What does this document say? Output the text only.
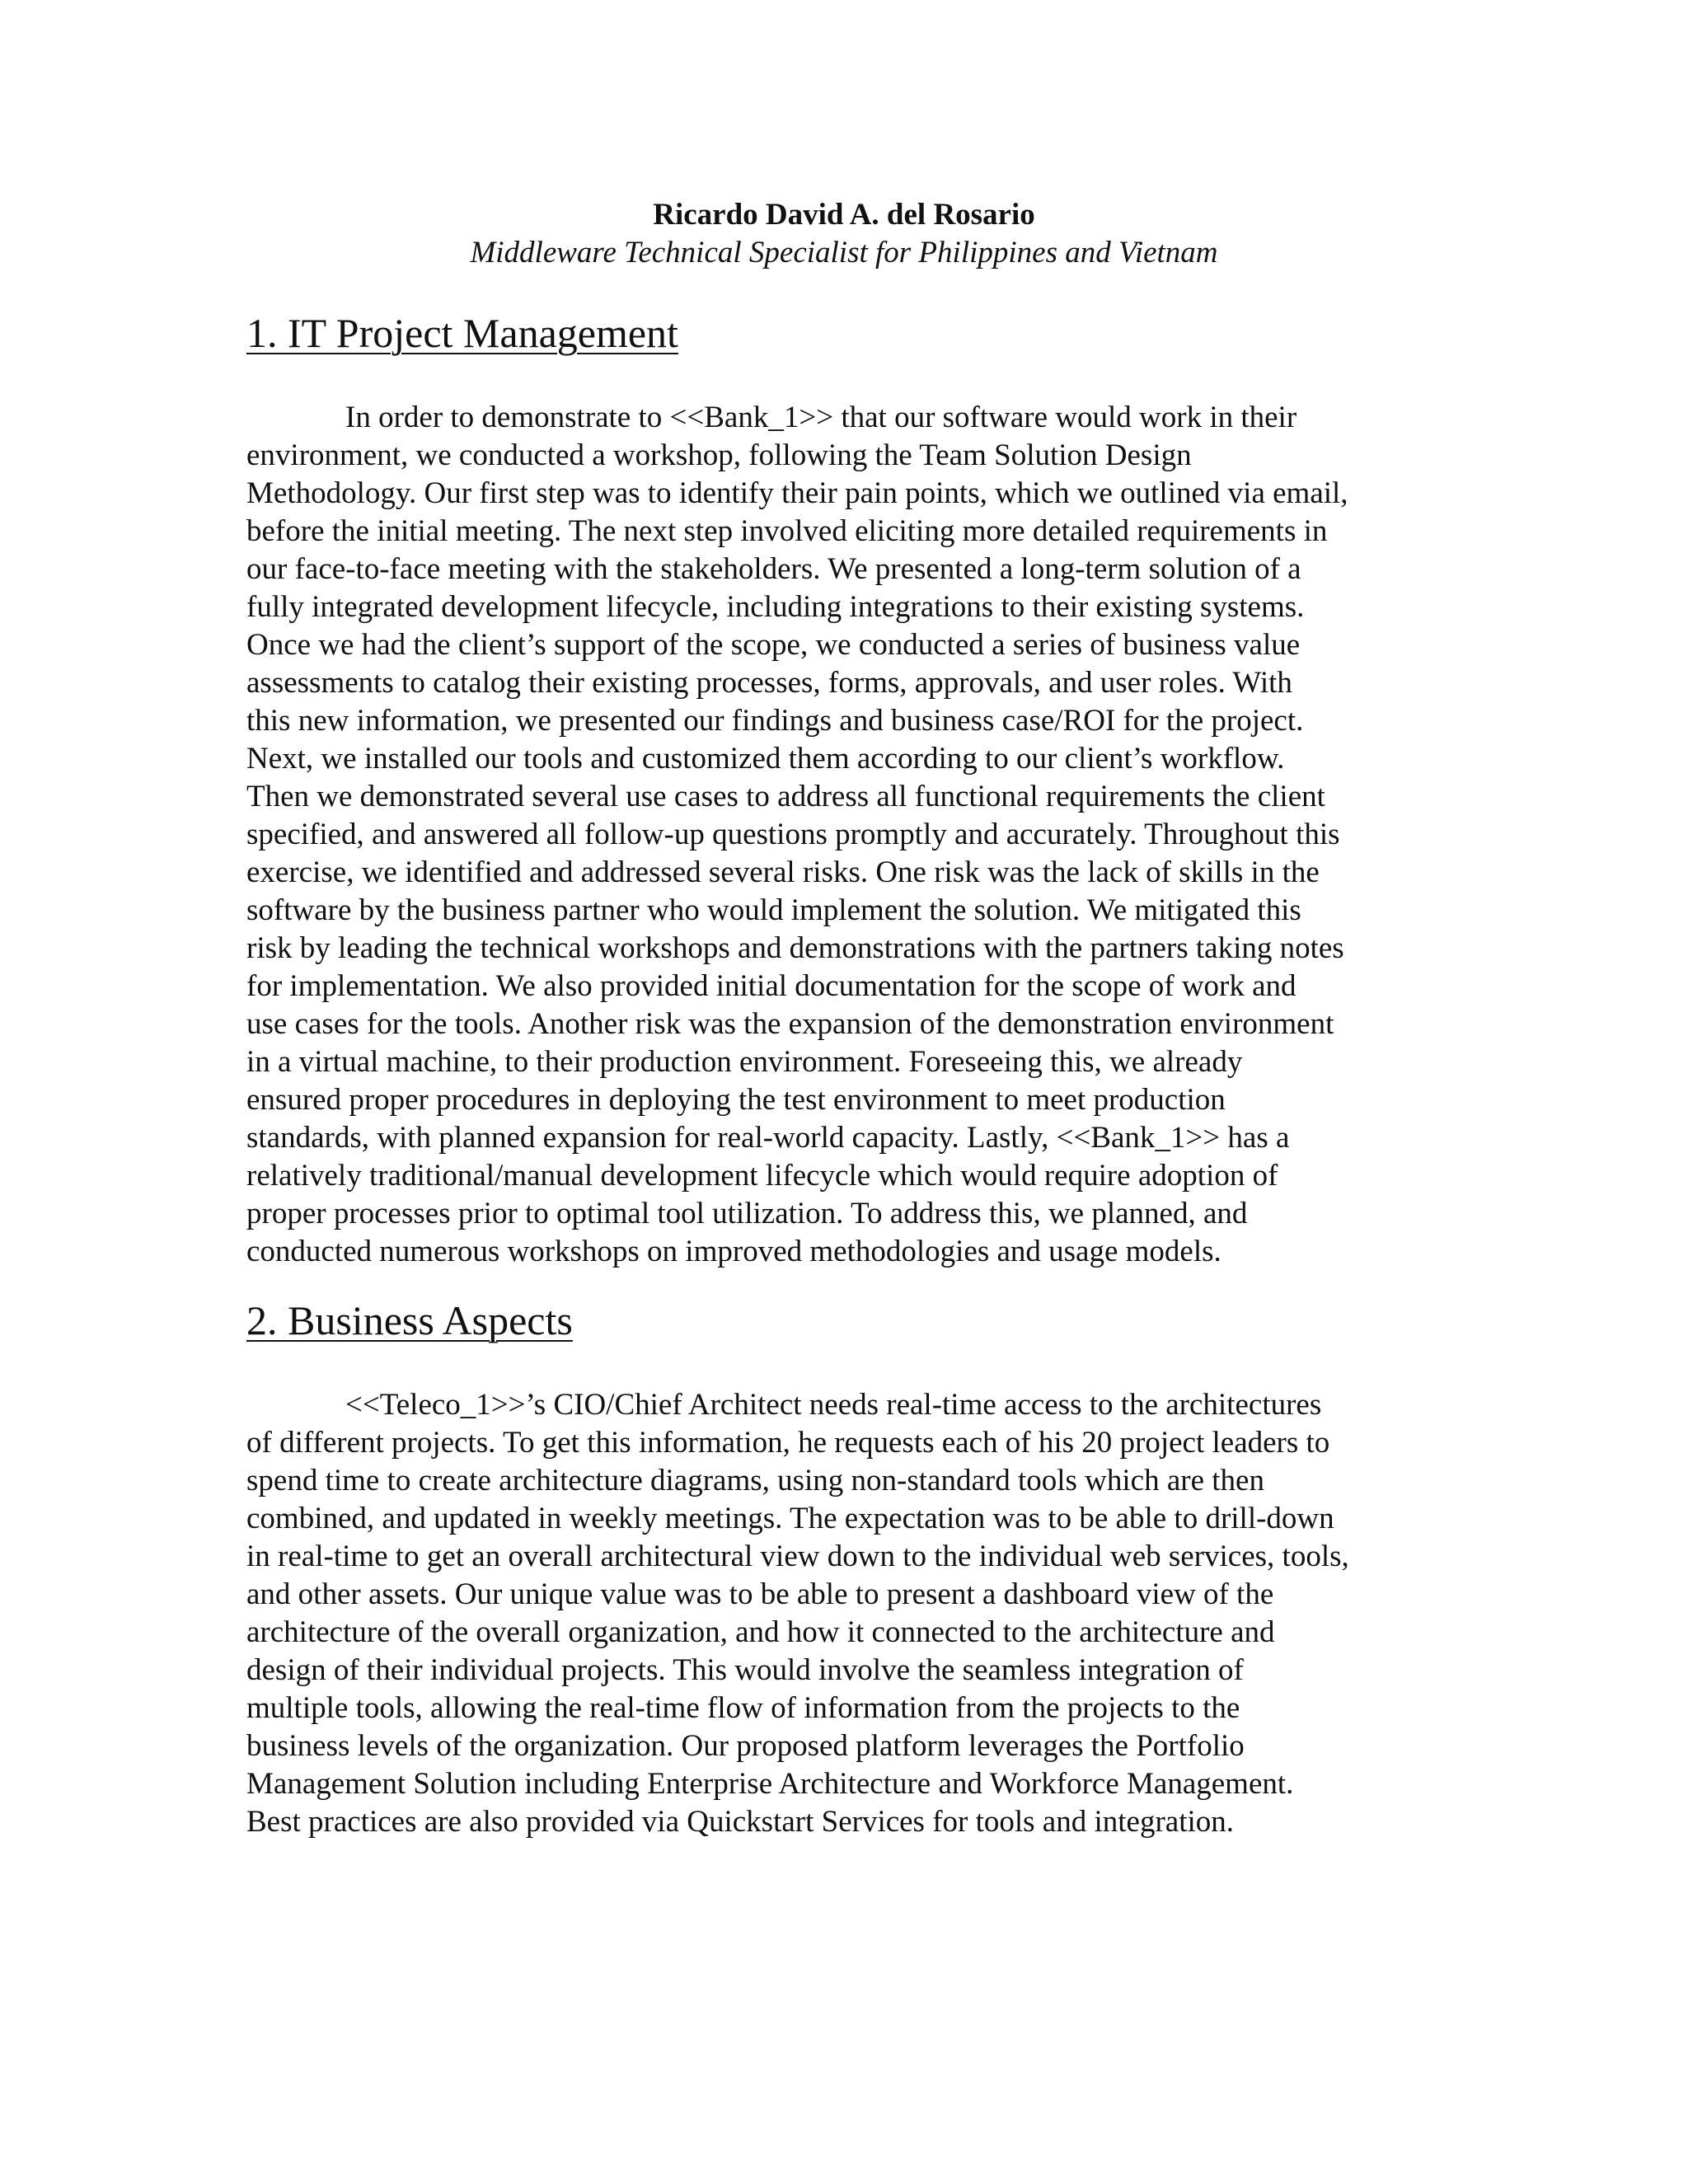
Ricardo David A. del Rosario

Middleware Technical Specialist for Philippines and Vietnam

1. IT Project Management
In order to demonstrate to <<Bank_1>> that our software would work in their
environment, we conducted a workshop, following the Team Solution Design
Methodology. Our first step was to identify their pain points, which we outlined via email,
before the initial meeting. The next step involved eliciting more detailed requirements in
our face-to-face meeting with the stakeholders. We presented a long-term solution of a
fully integrated development lifecycle, including integrations to their existing systems.
Once we had the client’s support of the scope, we conducted a series of business value
assessments to catalog their existing processes, forms, approvals, and user roles. With
this new information, we presented our findings and business case/ROI for the project.
Next, we installed our tools and customized them according to our client’s workflow.
Then we demonstrated several use cases to address all functional requirements the client
specified, and answered all follow-up questions promptly and accurately. Throughout this
exercise, we identified and addressed several risks. One risk was the lack of skills in the
software by the business partner who would implement the solution. We mitigated this
risk by leading the technical workshops and demonstrations with the partners taking notes
for implementation. We also provided initial documentation for the scope of work and
use cases for the tools. Another risk was the expansion of the demonstration environment
in a virtual machine, to their production environment. Foreseeing this, we already
ensured proper procedures in deploying the test environment to meet production
standards, with planned expansion for real-world capacity. Lastly, <<Bank_1>> has a
relatively traditional/manual development lifecycle which would require adoption of
proper processes prior to optimal tool utilization. To address this, we planned, and
conducted numerous workshops on improved methodologies and usage models.
2. Business Aspects
<<Teleco_1>>’s CIO/Chief Architect needs real-time access to the architectures
of different projects. To get this information, he requests each of his 20 project leaders to
spend time to create architecture diagrams, using non-standard tools which are then
combined, and updated in weekly meetings. The expectation was to be able to drill-down
in real-time to get an overall architectural view down to the individual web services, tools,
and other assets. Our unique value was to be able to present a dashboard view of the
architecture of the overall organization, and how it connected to the architecture and
design of their individual projects. This would involve the seamless integration of
multiple tools, allowing the real-time flow of information from the projects to the
business levels of the organization. Our proposed platform leverages the Portfolio
Management Solution including Enterprise Architecture and Workforce Management.
Best practices are also provided via Quickstart Services for tools and integration.
